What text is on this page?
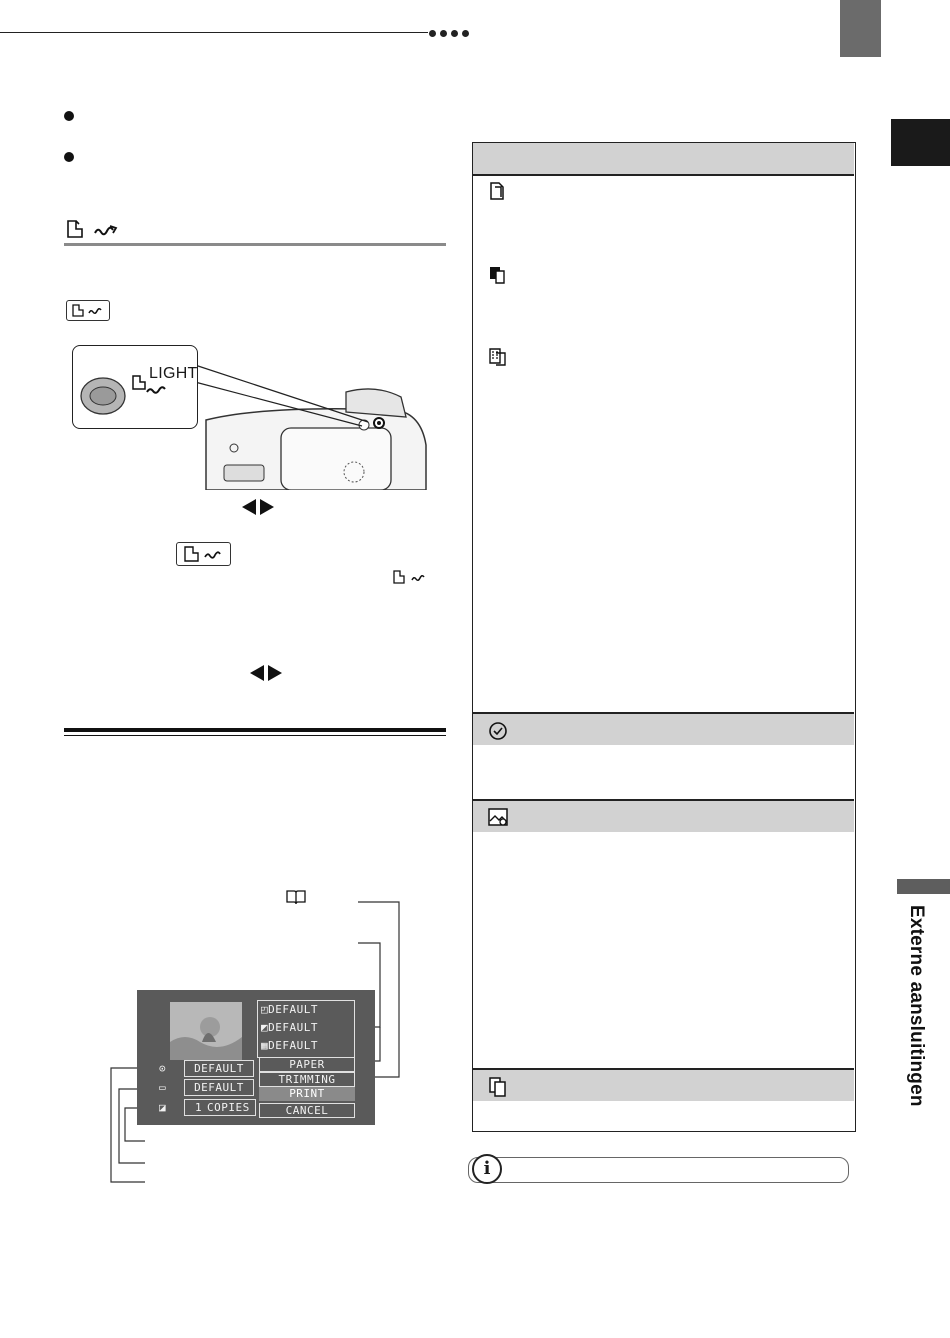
Externe aansluitingen
LIGHT
◰DEFAULT
◩DEFAULT
▦DEFAULT
PAPER
TRIMMING
PRINT
CANCEL
⊙	DEFAULT
▭	DEFAULT
◪	1 COPIES
i
